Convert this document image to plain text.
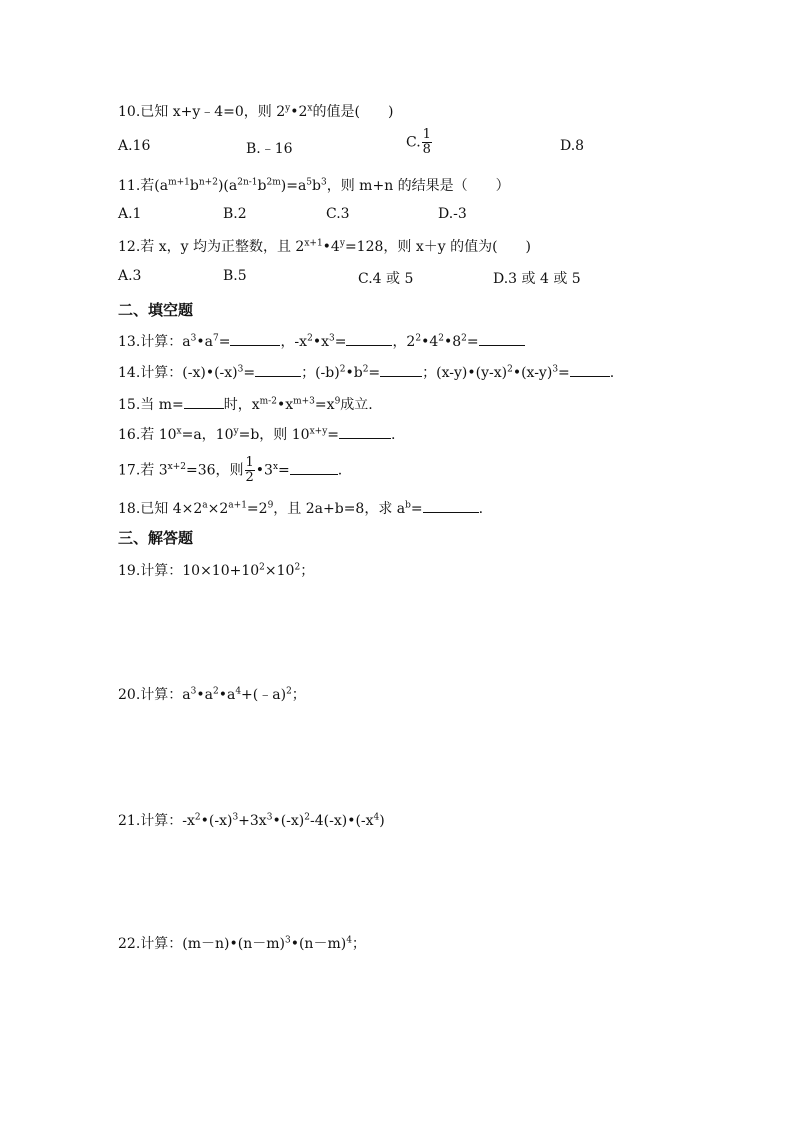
10.已知 x+y﹣4=0，则 2$^y$•2$^x$的值是(　　)
A.16	B.﹣16	C. $\frac{1}{8}$	D.8
11.若$(a^{m+1}b^{n+2})(a^{2n-1}b^{2m})=a^5b^3$，则 m+n 的结果是（　　）
A.1	B.2	C.3	D.-3
12.若 x，y 均为正整数，且 $2^{x+1}•4^y=128$，则 x＋y 的值为(　　)
A.3	B.5	C.4 或 5	D.3 或 4 或 5
二、填空题
13.计算：$a^3•a^7=$	，$-x^2•x^3=$	，$2^2•4^2•8^2=$
14.计算：$(-x)•(-x)^3=$	；$(-b)^2•b^2=$	；$(x-y)•(y-x)^2•(x-y)^3=$	.
15.当 m=	时，$x^{m-2}•x^{m+3}=x^9$成立.
16.若 $10^x=a$，$10^y=b$，则 $10^{x+y}=$	.
17.若 $3^{x+2}=36$，则 $\frac{1}{2}$ $•3^x=$	.
18.已知 $4\times 2^a\times 2^{a+1}=2^9$，且 2a+b=8，求 $a^b=$	.
三、解答题
19.计算：$10\times 10+10^2\times 10^2$；
20.计算：$a^3•a^2•a^4+(﹣a)^2$；
21.计算：$-x^2•(-x)^3+3x^3•(-x)^2-4(-x)•(-x^4)$
22.计算：$(m-n)•(n-m)^3•(n-m)^4$；
